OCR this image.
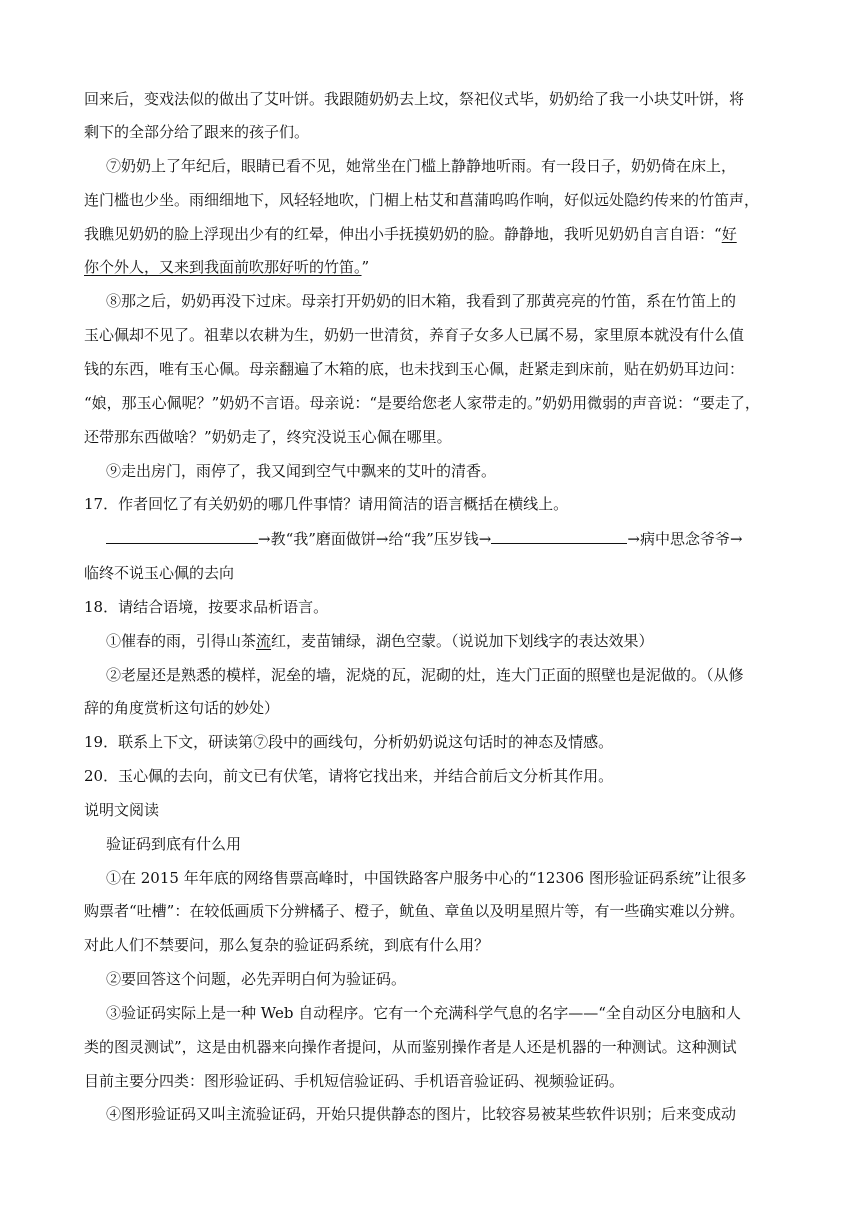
回来后，变戏法似的做出了艾叶饼。我跟随奶奶去上坟，祭祀仪式毕，奶奶给了我一小块艾叶饼，将
剩下的全部分给了跟来的孩子们。
⑦奶奶上了年纪后，眼睛已看不见，她常坐在门槛上静静地听雨。有一段日子，奶奶倚在床上，
连门槛也少坐。雨细细地下，风轻轻地吹，门楣上枯艾和菖蒲呜呜作响，好似远处隐约传来的竹笛声，
我瞧见奶奶的脸上浮现出少有的红晕，伸出小手抚摸奶奶的脸。静静地，我听见奶奶自言自语：“好
你个外人，又来到我面前吹那好听的竹笛。”
⑧那之后，奶奶再没下过床。母亲打开奶奶的旧木箱，我看到了那黄亮亮的竹笛，系在竹笛上的
玉心佩却不见了。祖辈以农耕为生，奶奶一世清贫，养育子女多人已属不易，家里原本就没有什么值
钱的东西，唯有玉心佩。母亲翻遍了木箱的底，也未找到玉心佩，赶紧走到床前，贴在奶奶耳边问：
“娘，那玉心佩呢？”奶奶不言语。母亲说：“是要给您老人家带走的。”奶奶用微弱的声音说：“要走了，
还带那东西做啥？”奶奶走了，终究没说玉心佩在哪里。
⑨走出房门，雨停了，我又闻到空气中飘来的艾叶的清香。
17．作者回忆了有关奶奶的哪几件事情？请用简洁的语言概括在横线上。
→教“我”磨面做饼→给“我”压岁钱→	→病中思念爷爷→
临终不说玉心佩的去向
18．请结合语境，按要求品析语言。
①催春的雨，引得山茶流红，麦苗铺绿，湖色空蒙。（说说加下划线字的表达效果）
②老屋还是熟悉的模样，泥垒的墙，泥烧的瓦，泥砌的灶，连大门正面的照壁也是泥做的。（从修
辞的角度赏析这句话的妙处）
19．联系上下文，研读第⑦段中的画线句，分析奶奶说这句话时的神态及情感。
20．玉心佩的去向，前文已有伏笔，请将它找出来，并结合前后文分析其作用。
说明文阅读
验证码到底有什么用
①在 2015 年年底的网络售票高峰时，中国铁路客户服务中心的“12306 图形验证码系统”让很多
购票者“吐槽”：在较低画质下分辨橘子、橙子，鱿鱼、章鱼以及明星照片等，有一些确实难以分辨。
对此人们不禁要问，那么复杂的验证码系统，到底有什么用？
②要回答这个问题，必先弄明白何为验证码。
③验证码实际上是一种 Web 自动程序。它有一个充满科学气息的名字——“全自动区分电脑和人
类的图灵测试”，这是由机器来向操作者提问，从而鉴别操作者是人还是机器的一种测试。这种测试
目前主要分四类：图形验证码、手机短信验证码、手机语音验证码、视频验证码。
④图形验证码又叫主流验证码，开始只提供静态的图片，比较容易被某些软件识别；后来变成动
